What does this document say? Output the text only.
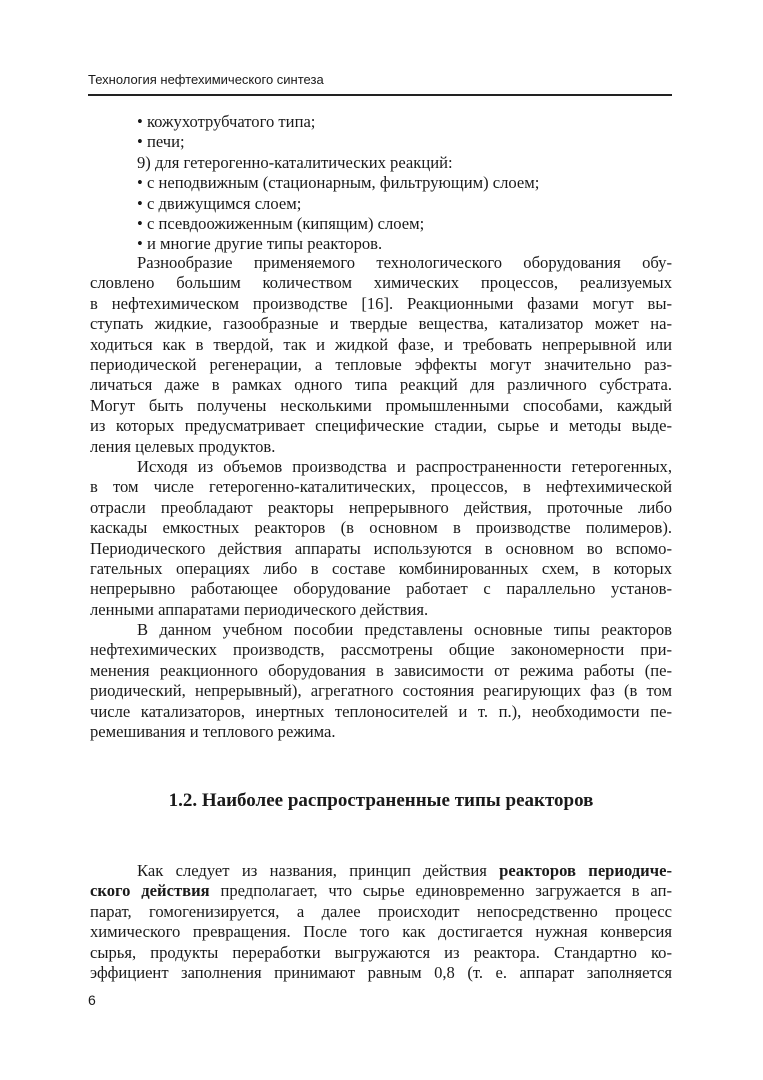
Технология нефтехимического синтеза
• кожухотрубчатого типа;
• печи;
9) для гетерогенно-каталитических реакций:
• с неподвижным (стационарным, фильтрующим) слоем;
• с движущимся слоем;
• с псевдоожиженным (кипящим) слоем;
• и многие другие типы реакторов.
Разнообразие применяемого технологического оборудования обу-
словлено большим количеством химических процессов, реализуемых
в нефтехимическом производстве [16]. Реакционными фазами могут вы-
ступать жидкие, газообразные и твердые вещества, катализатор может на-
ходиться как в твердой, так и жидкой фазе, и требовать непрерывной или
периодической регенерации, а тепловые эффекты могут значительно раз-
личаться даже в рамках одного типа реакций для различного субстрата.
Могут быть получены несколькими промышленными способами, каждый
из которых предусматривает специфические стадии, сырье и методы выде-
ления целевых продуктов.
Исходя из объемов производства и распространенности гетерогенных,
в том числе гетерогенно-каталитических, процессов, в нефтехимической
отрасли преобладают реакторы непрерывного действия, проточные либо
каскады емкостных реакторов (в основном в производстве полимеров).
Периодического действия аппараты используются в основном во вспомо-
гательных операциях либо в составе комбинированных схем, в которых
непрерывно работающее оборудование работает с параллельно установ-
ленными аппаратами периодического действия.
В данном учебном пособии представлены основные типы реакторов
нефтехимических производств, рассмотрены общие закономерности при-
менения реакционного оборудования в зависимости от режима работы (пе-
риодический, непрерывный), агрегатного состояния реагирующих фаз (в том
числе катализаторов, инертных теплоносителей и т. п.), необходимости пе-
ремешивания и теплового режима.
1.2. Наиболее распространенные типы реакторов
Как следует из названия, принцип действия реакторов периодиче-
ского действия предполагает, что сырье единовременно загружается в ап-
парат, гомогенизируется, а далее происходит непосредственно процесс
химического превращения. После того как достигается нужная конверсия
сырья, продукты переработки выгружаются из реактора. Стандартно ко-
эффициент заполнения принимают равным 0,8 (т. е. аппарат заполняется
6
